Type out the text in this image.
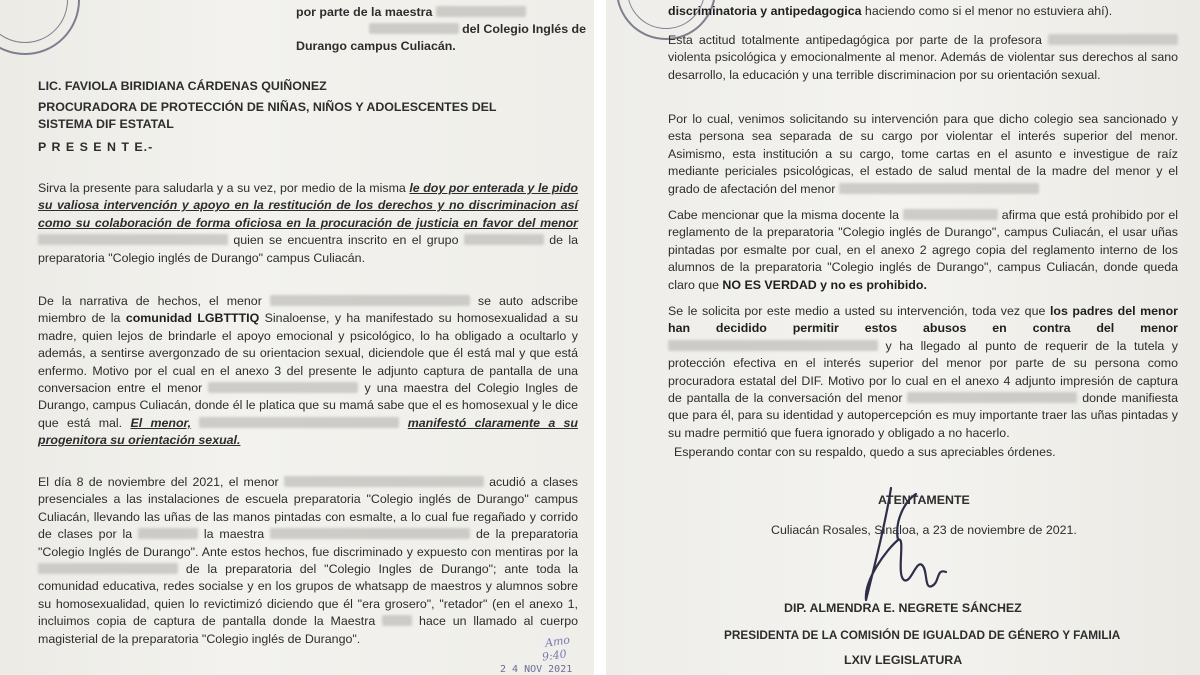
por parte de la maestra
del Colegio Inglés de
Durango campus Culiacán.
LIC. FAVIOLA BIRIDIANA CÁRDENAS QUIÑONEZ
PROCURADORA DE PROTECCIÓN DE NIÑAS, NIÑOS Y ADOLESCENTES DEL
SISTEMA DIF ESTATAL
P R E S E N T E.-
Sirva la presente para saludarla y a su vez, por medio de la misma le doy por enterada y le pido su valiosa intervención y apoyo en la restitución de los derechos y no discriminacion así como su colaboración de forma oficiosa en la procuración de justicia en favor del menor  quien se encuentra inscrito en el grupo	de la preparatoria "Colegio inglés de Durango" campus Culiacán.
De la narrativa de hechos, el menor	se auto adscribe miembro de la comunidad LGBTTTIQ Sinaloense, y ha manifestado su homosexualidad a su madre, quien lejos de brindarle el apoyo emocional y psicológico, lo ha obligado a ocultarlo y además, a sentirse avergonzado de su orientacion sexual, diciendole que él está mal y que está enfermo. Motivo por el cual en el anexo 3 del presente le adjunto captura de pantalla de una conversacion entre el menor	y una maestra del Colegio Ingles de Durango, campus Culiacán, donde él le platica que su mamá sabe que el es homosexual y le dice que está mal. El menor,	manifestó claramente a su progenitora su orientación sexual.
El día 8 de noviembre del 2021, el menor	acudió a clases presenciales a las instalaciones de escuela preparatoria "Colegio inglés de Durango" campus Culiacán, llevando las uñas de las manos pintadas con esmalte, a lo cual fue regañado y corrido de clases por la	la maestra	de la preparatoria "Colegio Inglés de Durango". Ante estos hechos, fue discriminado y expuesto con mentiras por la  de la preparatoria del "Colegio Ingles de Durango"; ante toda la comunidad educativa, redes socialse y en los grupos de whatsapp de maestros y alumnos sobre su homosexualidad, quien lo revictimizó diciendo que él "era grosero", "retador" (en el anexo 1, incluimos copia de captura de pantalla donde la Maestra  hace un llamado al cuerpo magisterial de la preparatoria "Colegio inglés de Durango".	Amo
9:40
2 4 NOV 2021
discriminatoria y antipedagogica haciendo como si el menor no estuviera ahí).
Esta actitud totalmente antipedagógica por parte de la profesora  violenta psicológica y emocionalmente al menor. Además de violentar sus derechos al sano desarrollo, la educación y una terrible discriminacion por su orientación sexual.
Por lo cual, venimos solicitando su intervención para que dicho colegio sea sancionado y esta persona sea separada de su cargo por violentar el interés superior del menor. Asimismo, esta institución a su cargo, tome cartas en el asunto e investigue de raíz mediante periciales psicológicas, el estado de salud mental de la madre del menor y el grado de afectación del menor
Cabe mencionar que la misma docente la	afirma que está prohibido por el reglamento de la preparatoria "Colegio inglés de Durango", campus Culiacán, el usar uñas pintadas por esmalte por cual, en el anexo 2 agrego copia del reglamento interno de los alumnos de la preparatoria "Colegio inglés de Durango", campus Culiacán, donde queda claro que NO ES VERDAD y no es prohibido.
Se le solicita por este medio a usted su intervención, toda vez que los padres del menor han decidido permitir estos abusos en contra del menor  y ha llegado al punto de requerir de la tutela y protección efectiva en el interés superior del menor por parte de su persona como procuradora estatal del DIF. Motivo por lo cual en el anexo 4 adjunto impresión de captura de pantalla de la conversación del menor	donde manifiesta que para él, para su identidad y autopercepción es muy importante traer las uñas pintadas y su madre permitió que fuera ignorado y obligado a no hacerlo.
Esperando contar con su respaldo, quedo a sus apreciables órdenes.
ATENTAMENTE
Culiacán Rosales, Sinaloa, a 23 de noviembre de 2021.
DIP. ALMENDRA E. NEGRETE SÁNCHEZ
PRESIDENTA DE LA COMISIÓN DE IGUALDAD DE GÉNERO Y FAMILIA
LXIV LEGISLATURA
